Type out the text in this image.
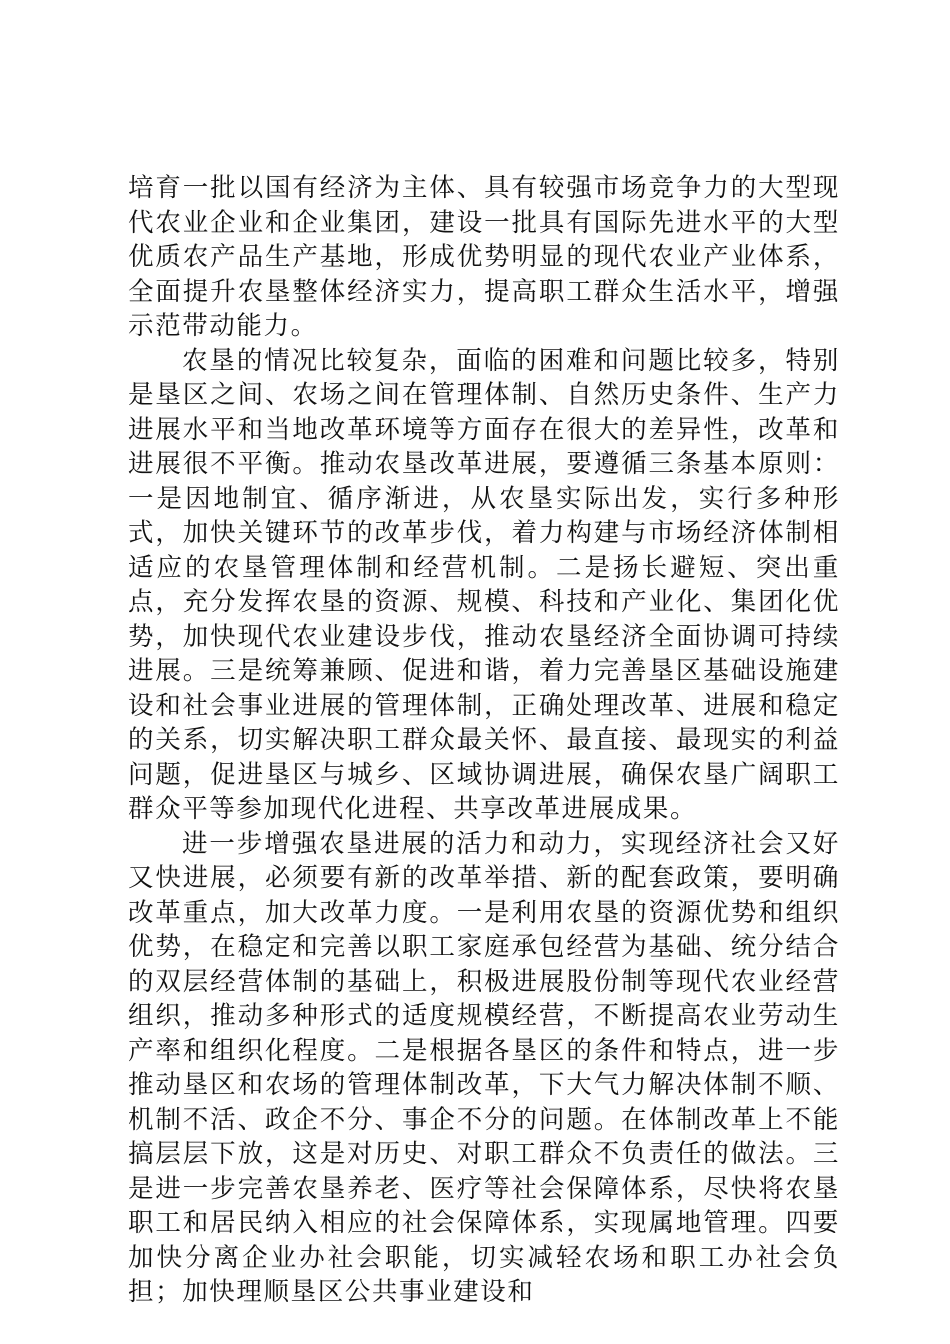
培育一批以国有经济为主体、具有较强市场竞争力的大型现代农业企业和企业集团，建设一批具有国际先进水平的大型优质农产品生产基地，形成优势明显的现代农业产业体系，全面提升农垦整体经济实力，提高职工群众生活水平，增强示范带动能力。

农垦的情况比较复杂，面临的困难和问题比较多，特别是垦区之间、农场之间在管理体制、自然历史条件、生产力进展水平和当地改革环境等方面存在很大的差异性，改革和进展很不平衡。推动农垦改革进展，要遵循三条基本原则：一是因地制宜、循序渐进，从农垦实际出发，实行多种形式，加快关键环节的改革步伐，着力构建与市场经济体制相适应的农垦管理体制和经营机制。二是扬长避短、突出重点，充分发挥农垦的资源、规模、科技和产业化、集团化优势，加快现代农业建设步伐，推动农垦经济全面协调可持续进展。三是统筹兼顾、促进和谐，着力完善垦区基础设施建设和社会事业进展的管理体制，正确处理改革、进展和稳定的关系，切实解决职工群众最关怀、最直接、最现实的利益问题，促进垦区与城乡、区域协调进展，确保农垦广阔职工群众平等参加现代化进程、共享改革进展成果。

进一步增强农垦进展的活力和动力，实现经济社会又好又快进展，必须要有新的改革举措、新的配套政策，要明确改革重点，加大改革力度。一是利用农垦的资源优势和组织优势，在稳定和完善以职工家庭承包经营为基础、统分结合的双层经营体制的基础上，积极进展股份制等现代农业经营组织，推动多种形式的适度规模经营，不断提高农业劳动生产率和组织化程度。二是根据各垦区的条件和特点，进一步推动垦区和农场的管理体制改革，下大气力解决体制不顺、机制不活、政企不分、事企不分的问题。在体制改革上不能搞层层下放，这是对历史、对职工群众不负责任的做法。三是进一步完善农垦养老、医疗等社会保障体系，尽快将农垦职工和居民纳入相应的社会保障体系，实现属地管理。四要加快分离企业办社会职能，切实减轻农场和职工办社会负担；加快理顺垦区公共事业建设和
